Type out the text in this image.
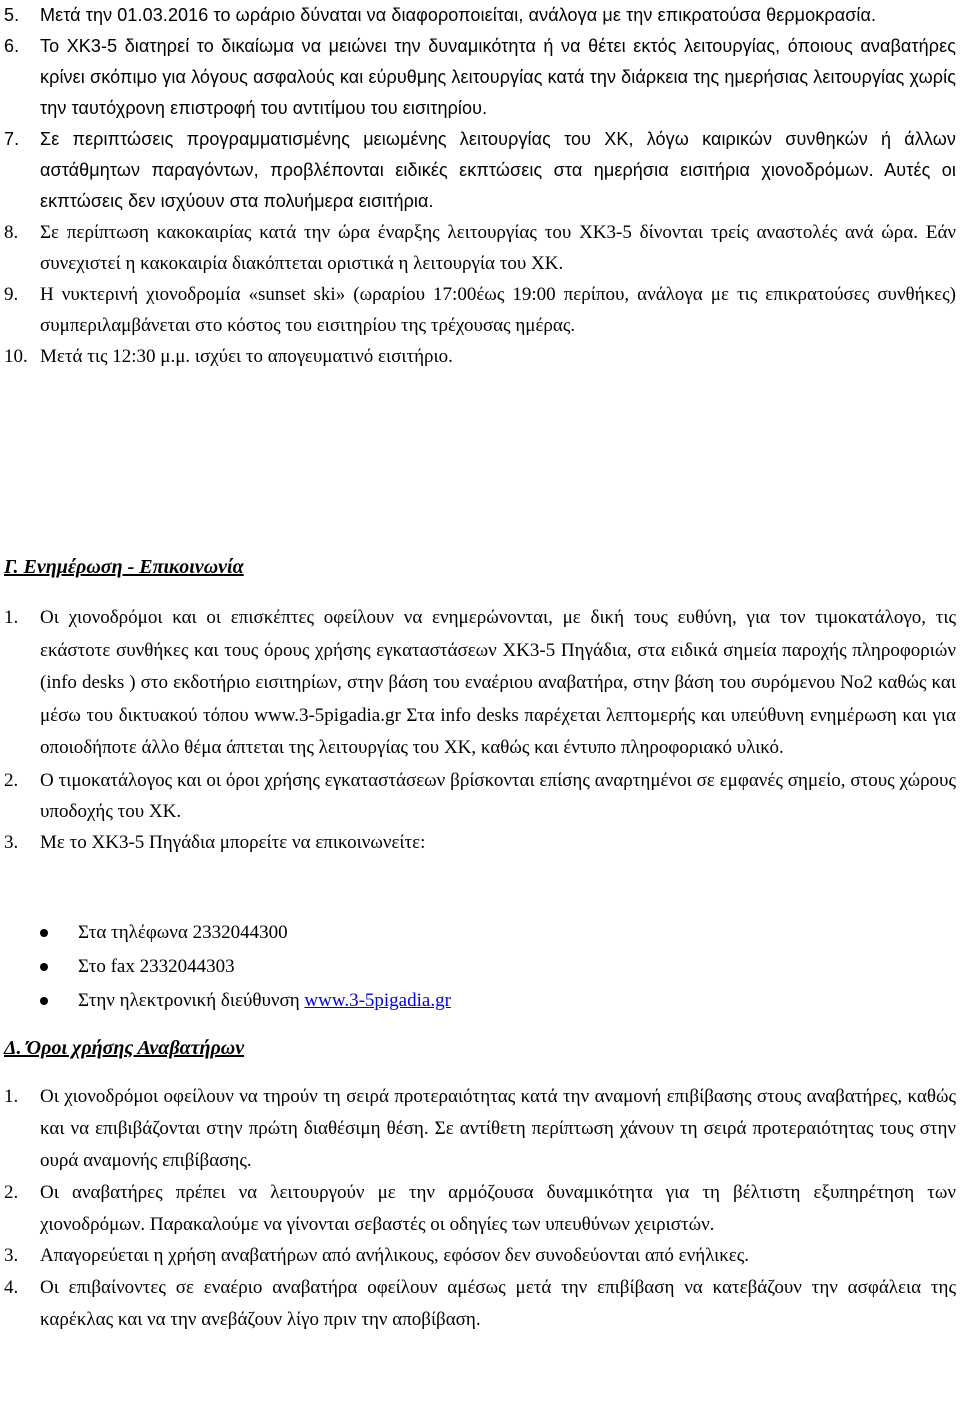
5. Μετά την 01.03.2016 το ωράριο δύναται να διαφοροποιείται, ανάλογα με την επικρατούσα θερμοκρασία.
6. Το ΧΚ3-5 διατηρεί το δικαίωμα να μειώνει την δυναμικότητα ή να θέτει εκτός λειτουργίας, όποιους αναβατήρες κρίνει σκόπιμο για λόγους ασφαλούς και εύρυθμης λειτουργίας κατά την διάρκεια της ημερήσιας λειτουργίας χωρίς την ταυτόχρονη επιστροφή του αντιτίμου του εισιτηρίου.
7. Σε περιπτώσεις προγραμματισμένης μειωμένης λειτουργίας του ΧΚ, λόγω καιρικών συνθηκών ή άλλων αστάθμητων παραγόντων, προβλέπονται ειδικές εκπτώσεις στα ημερήσια εισιτήρια χιονοδρόμων. Αυτές οι εκπτώσεις δεν ισχύουν στα πολυήμερα εισιτήρια.
8. Σε περίπτωση κακοκαιρίας κατά την ώρα έναρξης λειτουργίας του ΧΚ3-5 δίνονται τρείς αναστολές ανά ώρα. Εάν συνεχιστεί η κακοκαιρία διακόπτεται οριστικά η λειτουργία του ΧΚ.
9. Η νυκτερινή χιονοδρομία «sunset ski» (ωραρίου 17:00έως 19:00 περίπου, ανάλογα με τις επικρατούσες συνθήκες) συμπεριλαμβάνεται στο κόστος του εισιτηρίου της τρέχουσας ημέρας.
10. Μετά τις 12:30 μ.μ. ισχύει το απογευματινό εισιτήριο.
Γ. Ενημέρωση - Επικοινωνία
1. Οι χιονοδρόμοι και οι επισκέπτες οφείλουν να ενημερώνονται, με δική τους ευθύνη, για τον τιμοκατάλογο, τις εκάστοτε συνθήκες και τους όρους χρήσης εγκαταστάσεων ΧΚ3-5 Πηγάδια, στα ειδικά σημεία παροχής πληροφοριών (info desks ) στο εκδοτήριο εισιτηρίων, στην βάση του εναέριου αναβατήρα, στην βάση του συρόμενου Νο2 καθώς και μέσω του δικτυακού τόπου www.3-5pigadia.gr Στα info desks παρέχεται λεπτομερής και υπεύθυνη ενημέρωση και για οποιοδήποτε άλλο θέμα άπτεται της λειτουργίας του ΧΚ, καθώς και έντυπο πληροφοριακό υλικό.
2. Ο τιμοκατάλογος και οι όροι χρήσης εγκαταστάσεων βρίσκονται επίσης αναρτημένοι σε εμφανές σημείο, στους χώρους υποδοχής του ΧΚ.
3. Με το ΧΚ3-5 Πηγάδια μπορείτε να επικοινωνείτε:
Στα τηλέφωνα 2332044300
Στο fax 2332044303
Στην ηλεκτρονική διεύθυνση www.3-5pigadia.gr
Δ. Όροι χρήσης Αναβατήρων
1. Οι χιονοδρόμοι οφείλουν να τηρούν τη σειρά προτεραιότητας κατά την αναμονή επιβίβασης στους αναβατήρες, καθώς και να επιβιβάζονται στην πρώτη διαθέσιμη θέση. Σε αντίθετη περίπτωση χάνουν τη σειρά προτεραιότητας τους στην ουρά αναμονής επιβίβασης.
2. Οι αναβατήρες πρέπει να λειτουργούν με την αρμόζουσα δυναμικότητα για τη βέλτιστη εξυπηρέτηση των χιονοδρόμων. Παρακαλούμε να γίνονται σεβαστές οι οδηγίες των υπευθύνων χειριστών.
3. Απαγορεύεται η χρήση αναβατήρων από ανήλικους, εφόσον δεν συνοδεύονται από ενήλικες.
4. Οι επιβαίνοντες σε εναέριο αναβατήρα οφείλουν αμέσως μετά την επιβίβαση να κατεβάζουν την ασφάλεια της καρέκλας και να την ανεβάζουν λίγο πριν την αποβίβαση.
